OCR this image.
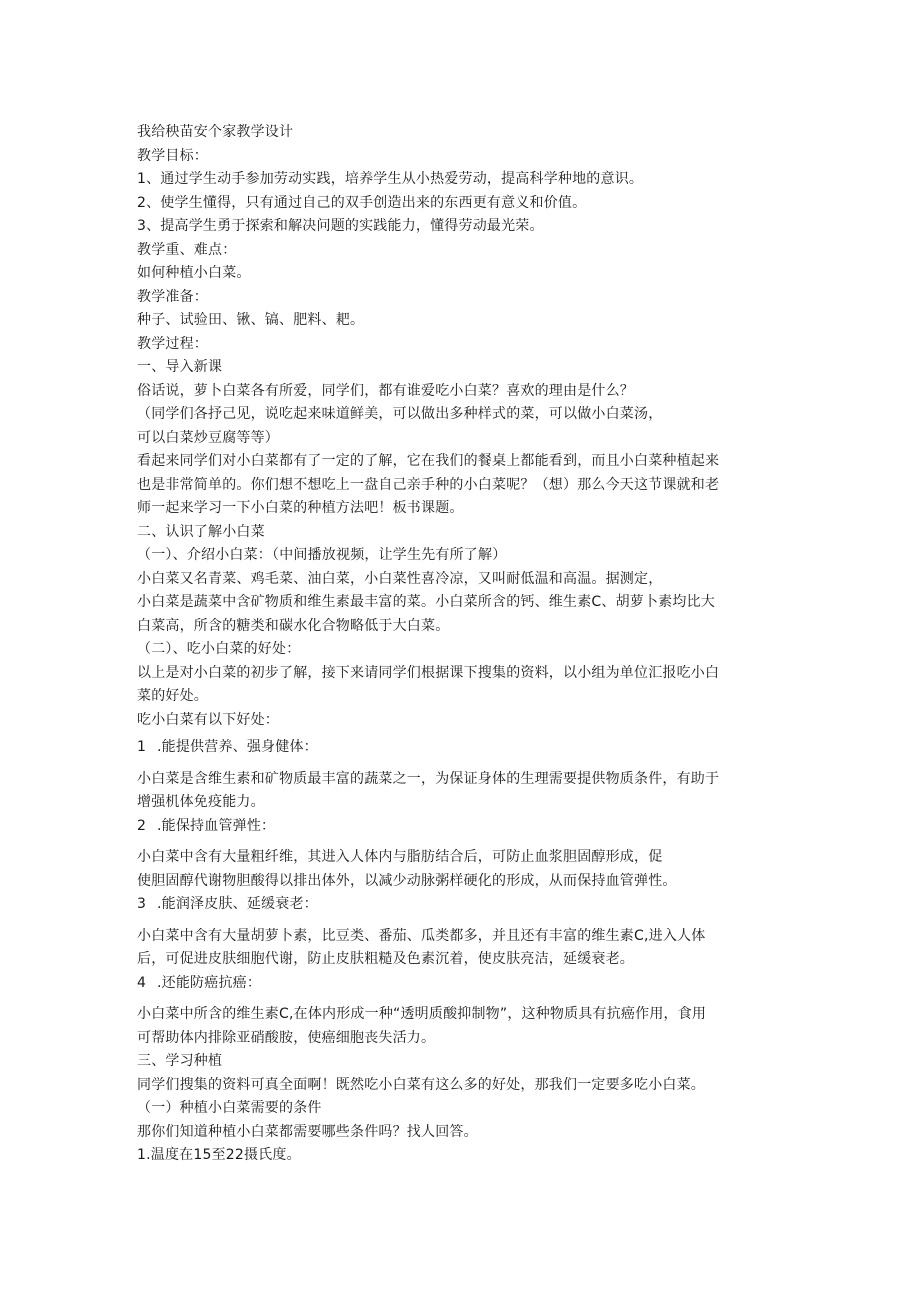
我给秧苗安个家教学设计
教学目标：
1、通过学生动手参加劳动实践，培养学生从小热爱劳动，提高科学种地的意识。
2、使学生懂得，只有通过自己的双手创造出来的东西更有意义和价值。
3、提高学生勇于探索和解决问题的实践能力，懂得劳动最光荣。
教学重、难点：
如何种植小白菜。
教学准备：
种子、试验田、锹、镐、肥料、耙。
教学过程：
一、导入新课
俗话说，萝卜白菜各有所爱，同学们，都有谁爱吃小白菜？喜欢的理由是什么？
（同学们各抒己见，说吃起来味道鲜美，可以做出多种样式的菜，可以做小白菜汤，
可以白菜炒豆腐等等）
看起来同学们对小白菜都有了一定的了解，它在我们的餐桌上都能看到，而且小白菜种植起来
也是非常简单的。你们想不想吃上一盘自己亲手种的小白菜呢？（想）那么今天这节课就和老
师一起来学习一下小白菜的种植方法吧！板书课题。
二、认识了解小白菜
（一）、介绍小白菜：（中间播放视频，让学生先有所了解）
小白菜又名青菜、鸡毛菜、油白菜，小白菜性喜冷凉，又叫耐低温和高温。据测定，
小白菜是蔬菜中含矿物质和维生素最丰富的菜。小白菜所含的钙、维生素C、胡萝卜素均比大
白菜高，所含的糖类和碳水化合物略低于大白菜。
（二）、吃小白菜的好处：
以上是对小白菜的初步了解，接下来请同学们根据课下搜集的资料，以小组为单位汇报吃小白
菜的好处。
吃小白菜有以下好处：
1 .能提供营养、强身健体：
小白菜是含维生素和矿物质最丰富的蔬菜之一，为保证身体的生理需要提供物质条件，有助于
增强机体免疫能力。
2 .能保持血管弹性：
小白菜中含有大量粗纤维，其进入人体内与脂肪结合后，可防止血浆胆固醇形成，促
使胆固醇代谢物胆酸得以排出体外，以减少动脉粥样硬化的形成，从而保持血管弹性。
3 .能润泽皮肤、延缓衰老：
小白菜中含有大量胡萝卜素，比豆类、番茄、瓜类都多，并且还有丰富的维生素C,进入人体
后，可促进皮肤细胞代谢，防止皮肤粗糙及色素沉着，使皮肤亮洁，延缓衰老。
4 .还能防癌抗癌：
小白菜中所含的维生素C,在体内形成一种“透明质酸抑制物”，这种物质具有抗癌作用，食用
可帮助体内排除亚硝酸胺，使癌细胞丧失活力。
三、学习种植
同学们搜集的资料可真全面啊！既然吃小白菜有这么多的好处，那我们一定要多吃小白菜。
（一）种植小白菜需要的条件
那你们知道种植小白菜都需要哪些条件吗？找人回答。
1.温度在15至22摄氏度。
